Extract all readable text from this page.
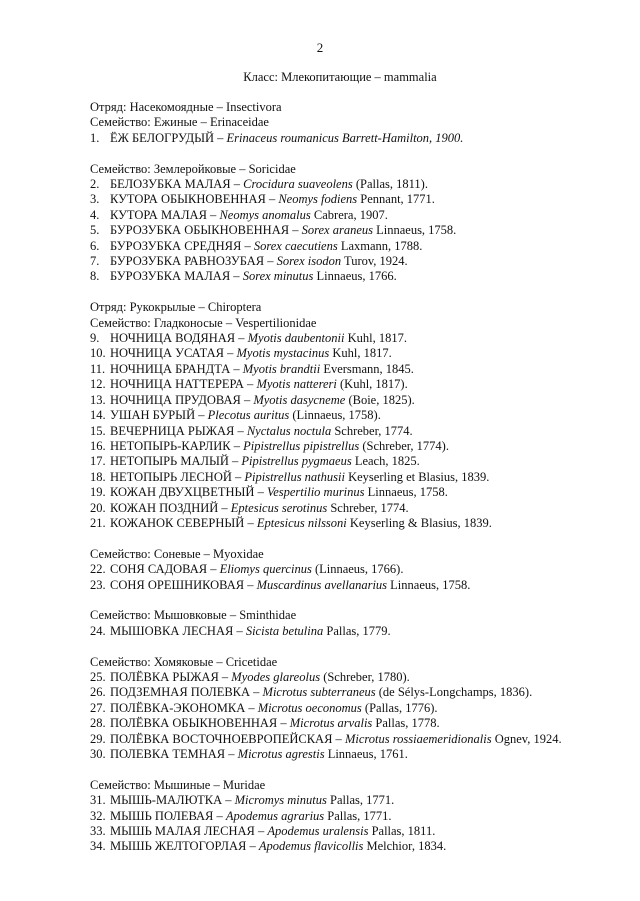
2
Класс: Млекопитающие – mammalia
Отряд: Насекомоядные – Insectivora
Семейство: Ежиные – Erinaceidae
1. ЁЖ БЕЛОГРУДЫЙ – Erinaceus roumanicus Barrett-Hamilton, 1900.
Семейство: Землеройковые – Soricidae
2. БЕЛОЗУБКА МАЛАЯ – Crocidura suaveolens (Pallas, 1811).
3. КУТОРА ОБЫКНОВЕННАЯ – Neomys fodiens Pennant, 1771.
4. КУТОРА МАЛАЯ – Neomys anomalus Cabrera, 1907.
5. БУРОЗУБКА ОБЫКНОВЕННАЯ – Sorex araneus Linnaeus, 1758.
6. БУРОЗУБКА СРЕДНЯЯ – Sorex caecutiens Laxmann, 1788.
7. БУРОЗУБКА РАВНОЗУБАЯ – Sorex isodon Turov, 1924.
8. БУРОЗУБКА МАЛАЯ – Sorex minutus Linnaeus, 1766.
Отряд: Рукокрылые – Chiroptera
Семейство: Гладконосые – Vespertilionidae
9. НОЧНИЦА ВОДЯНАЯ – Myotis daubentonii Kuhl, 1817.
10. НОЧНИЦА УСАТАЯ – Myotis mystacinus Kuhl, 1817.
11. НОЧНИЦА БРАНДТА – Myotis brandtii Eversmann, 1845.
12. НОЧНИЦА НАТТЕРЕРА – Myotis nattereri (Kuhl, 1817).
13. НОЧНИЦА ПРУДОВАЯ – Myotis dasycneme (Boie, 1825).
14. УШАН БУРЫЙ – Plecotus auritus (Linnaeus, 1758).
15. ВЕЧЕРНИЦА РЫЖАЯ – Nyctalus noctula Schreber, 1774.
16. НЕТОПЫРЬ-КАРЛИК – Pipistrellus pipistrellus (Schreber, 1774).
17. НЕТОПЫРЬ МАЛЫЙ – Pipistrellus pygmaeus Leach, 1825.
18. НЕТОПЫРЬ ЛЕСНОЙ – Pipistrellus nathusii Keyserling et Blasius, 1839.
19. КОЖАН ДВУХЦВЕТНЫЙ – Vespertilio murinus Linnaeus, 1758.
20. КОЖАН ПОЗДНИЙ – Eptesicus serotinus Schreber, 1774.
21. КОЖАНОК СЕВЕРНЫЙ – Eptesicus nilssoni Keyserling & Blasius, 1839.
Семейство: Соневые – Myoxidae
22. СОНЯ САДОВАЯ – Eliomys quercinus (Linnaeus, 1766).
23. СОНЯ ОРЕШНИКОВАЯ – Muscardinus avellanarius Linnaeus, 1758.
Семейство: Мышовковые – Sminthidae
24. МЫШОВКА ЛЕСНАЯ – Sicista betulina Pallas, 1779.
Семейство: Хомяковые – Cricetidae
25. ПОЛЁВКА РЫЖАЯ – Myodes glareolus (Schreber, 1780).
26. ПОДЗЕМНАЯ ПОЛЕВКА – Microtus subterraneus (de Sélys-Longchamps, 1836).
27. ПОЛЁВКА-ЭКОНОМКА – Microtus oeconomus (Pallas, 1776).
28. ПОЛЁВКА ОБЫКНОВЕННАЯ – Microtus arvalis Pallas, 1778.
29. ПОЛЁВКА ВОСТОЧНОЕВРОПЕЙСКАЯ – Microtus rossiaemeridionalis Ognev, 1924.
30. ПОЛЕВКА ТЕМНАЯ – Microtus agrestis Linnaeus, 1761.
Семейство: Мышиные – Muridae
31. МЫШЬ-МАЛЮТКА – Micromys minutus Pallas, 1771.
32. МЫШЬ ПОЛЕВАЯ – Apodemus agrarius Pallas, 1771.
33. МЫШЬ МАЛАЯ ЛЕСНАЯ – Apodemus uralensis Pallas, 1811.
34. МЫШЬ ЖЕЛТОГОРЛАЯ – Apodemus flavicollis Melchior, 1834.
